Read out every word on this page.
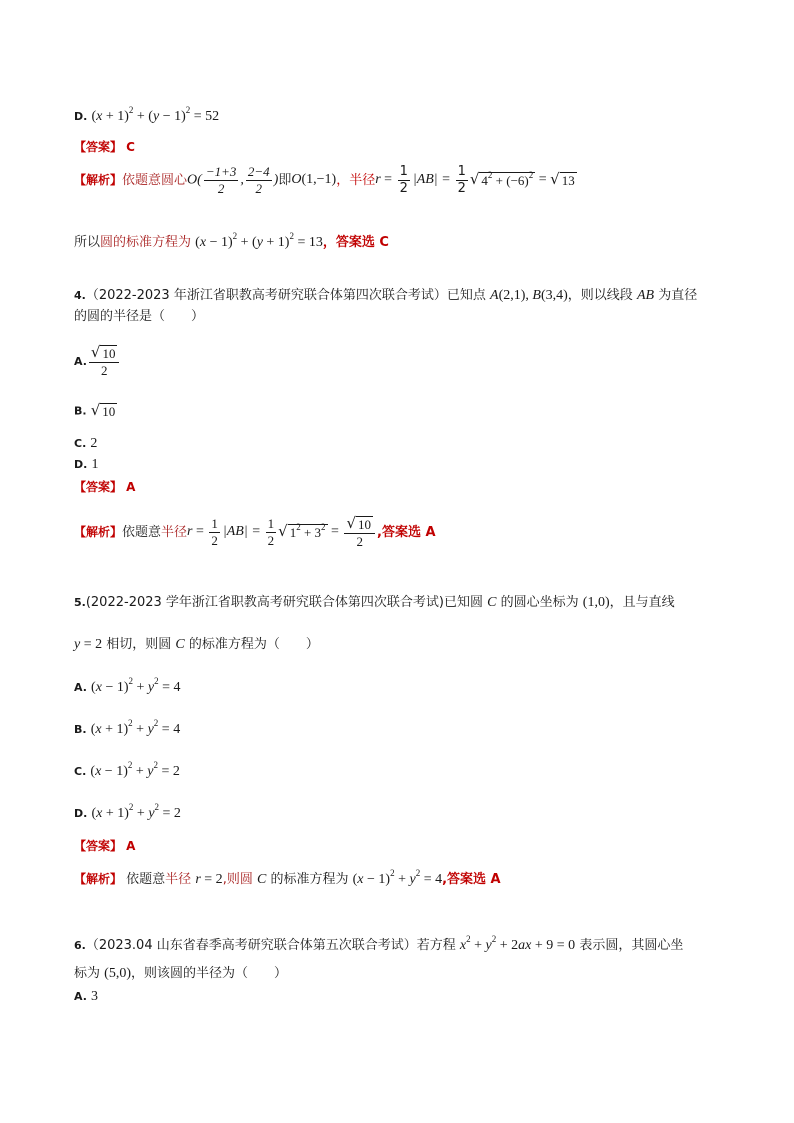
D. $(x + 1)^2 + (y - 1)^2 = 52$
【答案】 C
【解析】 依题意圆心 $O( \frac{-1+3}{2}$ , $\frac{2-4}{2}$ ) 即 O (1,−1) ，半径 $r = \frac{1}{2} |AB| = \frac{1}{2}$ √ $4^2 + (-6)^2$ = √ 13
所以圆的标准方程为 $(x - 1)^2 + (y + 1)^2 = 13$，答案选 C
4.（2022-2023 年浙江省职教高考研究联合体第四次联合考试）已知点 A(2,1), B(3,4)，则以线段 AB 为直径
的圆的半径是（　　）
A. $\frac{√ 10}{2}$
B. √ 10
C. 2
D. 1
【答案】 A
【解析】 依题意 半径 $r = \frac{1}{2} |AB| = \frac{1}{2}$ √ $1^2 + 3^2 = \frac{√ 10}{2}$ ,答案选 A
5.(2022-2023 学年浙江省职教高考研究联合体第四次联合考试)已知圆 C 的圆心坐标为 (1,0)，且与直线
y = 2 相切，则圆 C 的标准方程为（　　）
A. $(x - 1)^2 + y^2 = 4$
B. $(x + 1)^2 + y^2 = 4$
C. $(x - 1)^2 + y^2 = 2$
D. $(x + 1)^2 + y^2 = 2$
【答案】 A
【解析】 依题意半径 r = 2,则圆 C 的标准方程为 $(x - 1)^2 + y^2 = 4$,答案选 A
6.（2023.04 山东省春季高考研究联合体第五次联合考试）若方程 $x^2 + y^2 + 2ax + 9 = 0$ 表示圆，其圆心坐
标为 (5,0)，则该圆的半径为（　　）
A. 3
